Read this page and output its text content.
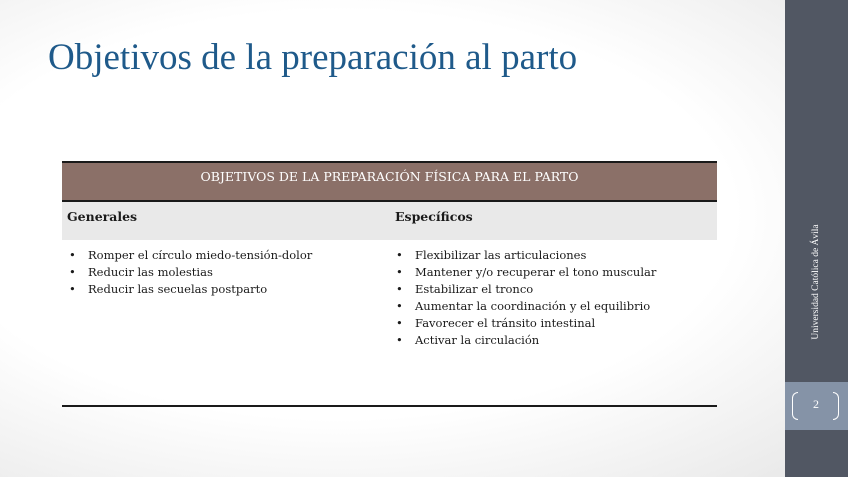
Objetivos de la preparación al parto
Universidad Católica de Ávila
2
OBJETIVOS DE LA PREPARACIÓN FÍSICA PARA EL PARTO
Generales	Específicos
• Romper el círculo miedo-tensión-dolor
• Reducir las molestias
• Reducir las secuelas postparto
• Flexibilizar las articulaciones
• Mantener y/o recuperar el tono muscular
• Estabilizar el tronco
• Aumentar la coordinación y el equilibrio
• Favorecer el tránsito intestinal
• Activar la circulación
